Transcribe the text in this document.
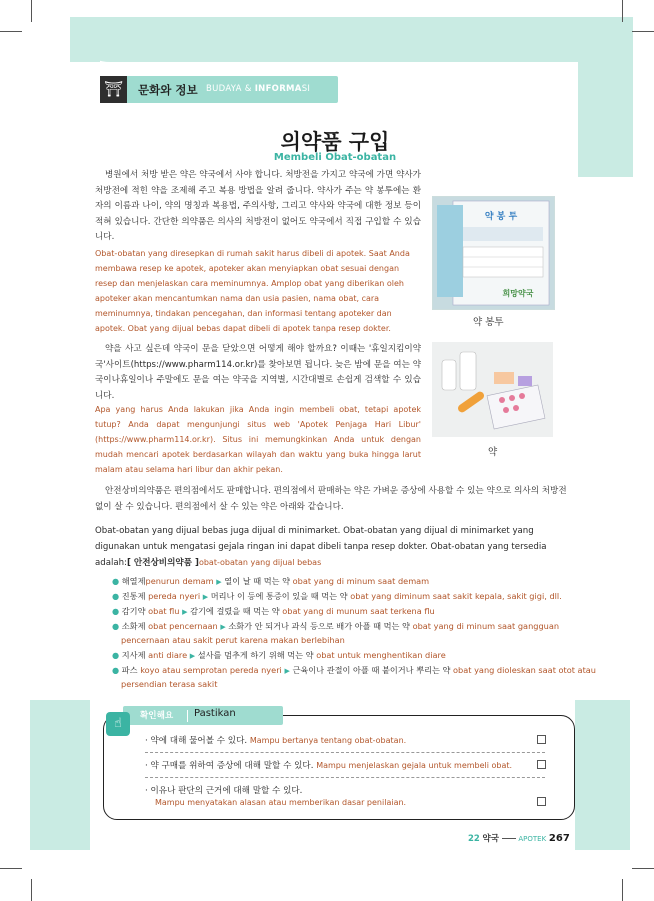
⛩	문화와 정보 BUDAYA & INFORMASI
의약품 구입
Membeli Obat-obatan
병원에서 처방 받은 약은 약국에서 사야 합니다. 처방전을 가지고 약국에 가면 약사가 처방전에 적힌 약을 조제해 주고 복용 방법을 알려 줍니다. 약사가 주는 약 봉투에는 환자의 이름과 나이, 약의 명칭과 복용법, 주의사항, 그리고 약사와 약국에 대한 정보 등이 적혀 있습니다. 간단한 의약품은 의사의 처방전이 없어도 약국에서 직접 구입할 수 있습니다.
Obat-obatan yang diresepkan di rumah sakit harus dibeli di apotek. Saat Anda membawa resep ke apotek, apoteker akan menyiapkan obat sesuai dengan resep dan menjelaskan cara meminumnya. Amplop obat yang diberikan oleh apoteker akan mencantumkan nama dan usia pasien, nama obat, cara meminumnya, tindakan pencegahan, dan informasi tentang apoteker dan apotek. Obat yang dijual bebas dapat dibeli di apotek tanpa resep dokter.
약 봉 투
희망약국
약 봉투
약을 사고 싶은데 약국이 문을 닫았으면 어떻게 해야 할까요? 이때는 '휴일지킴이약국'사이트(https://www.pharm114.or.kr)를 찾아보면 됩니다. 늦은 밤에 문을 여는 약국이나휴일이나 주말에도 문을 여는 약국을 지역별, 시간대별로 손쉽게 검색할 수 있습니다.
Apa yang harus Anda lakukan jika Anda ingin membeli obat, tetapi apotek tutup? Anda dapat mengunjungi situs web 'Apotek Penjaga Hari Libur' (https://www.pharm114.or.kr). Situs ini memungkinkan Anda untuk dengan mudah mencari apotek berdasarkan wilayah dan waktu yang buka hingga larut malam atau selama hari libur dan akhir pekan.
약
안전상비의약품은 편의점에서도 판매합니다. 편의점에서 판매하는 약은 가벼운 증상에 사용할 수 있는 약으로 의사의 처방전 없이 살 수 있습니다. 편의점에서 살 수 있는 약은 아래와 같습니다.
Obat-obatan yang dijual bebas juga dijual di minimarket. Obat-obatan yang dijual di minimarket yang digunakan untuk mengatasi gejala ringan ini dapat dibeli tanpa resep dokter. Obat-obatan yang tersedia adalah:[ 안전상비의약품 ]obat-obatan yang dijual bebas
● 해열제penurun demam ▶ 열이 날 때 먹는 약 obat yang di minum saat demam
● 진통제 pereda nyeri ▶ 머리나 이 등에 통증이 있을 때 먹는 약 obat yang diminum saat sakit kepala, sakit gigi, dll.
● 감기약 obat flu ▶ 감기에 걸렸을 때 먹는 약 obat yang di munum saat terkena flu
● 소화제 obat pencernaan ▶ 소화가 안 되거나 과식 등으로 배가 아플 때 먹는 약 obat yang di minum saat gangguan
pencernaan atau sakit perut karena makan berlebihan
● 지사제 anti diare ▶ 설사를 멈추게 하기 위해 먹는 약 obat untuk menghentikan diare
● 파스 koyo atau semprotan pereda nyeri ▶ 근육이나 관절이 아플 때 붙이거나 뿌리는 약 obat yang dioleskan saat otot atau
persendian terasa sakit
☝	확인해요 Pastikan
· 약에 대해 물어볼 수 있다. Mampu bertanya tentang obat-obatan.
· 약 구매를 위하여 증상에 대해 말할 수 있다. Mampu menjelaskan gejala untuk membeli obat.
· 이유나 판단의 근거에 대해 말할 수 있다.
Mampu menyatakan alasan atau memberikan dasar penilaian.
22 약국	APOTEK 267
